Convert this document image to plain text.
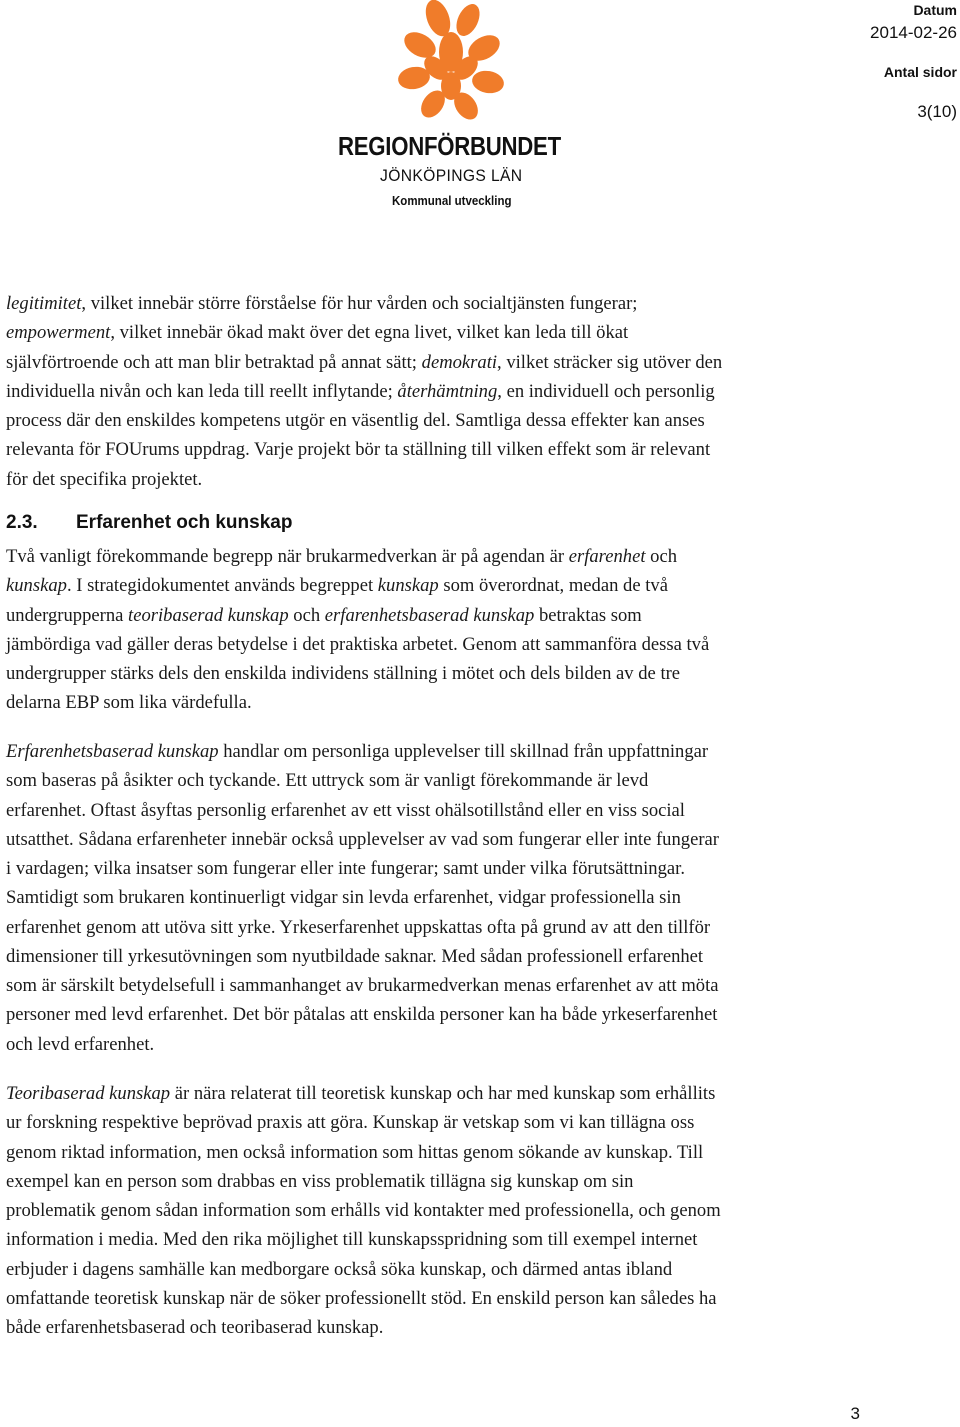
REGIONFÖRBUNDET
JÖNKÖPINGS LÄN
Kommunal utveckling
Datum
2014-02-26
Antal sidor
3(10)
legitimitet, vilket innebär större förståelse för hur vården och socialtjänsten fungerar;
empowerment, vilket innebär ökad makt över det egna livet, vilket kan leda till ökat
självförtroende och att man blir betraktad på annat sätt; demokrati, vilket sträcker sig utöver den
individuella nivån och kan leda till reellt inflytande; återhämtning, en individuell och personlig
process där den enskildes kompetens utgör en väsentlig del. Samtliga dessa effekter kan anses
relevanta för FOUrums uppdrag. Varje projekt bör ta ställning till vilken effekt som är relevant
för det specifika projektet.
2.3. Erfarenhet och kunskap
Två vanligt förekommande begrepp när brukarmedverkan är på agendan är erfarenhet och
kunskap. I strategidokumentet används begreppet kunskap som överordnat, medan de två
undergrupperna teoribaserad kunskap och erfarenhetsbaserad kunskap betraktas som
jämbördiga vad gäller deras betydelse i det praktiska arbetet. Genom att sammanföra dessa två
undergrupper stärks dels den enskilda individens ställning i mötet och dels bilden av de tre
delarna EBP som lika värdefulla.
Erfarenhetsbaserad kunskap handlar om personliga upplevelser till skillnad från uppfattningar
som baseras på åsikter och tyckande. Ett uttryck som är vanligt förekommande är levd
erfarenhet. Oftast åsyftas personlig erfarenhet av ett visst ohälsotillstånd eller en viss social
utsatthet. Sådana erfarenheter innebär också upplevelser av vad som fungerar eller inte fungerar
i vardagen; vilka insatser som fungerar eller inte fungerar; samt under vilka förutsättningar.
Samtidigt som brukaren kontinuerligt vidgar sin levda erfarenhet, vidgar professionella sin
erfarenhet genom att utöva sitt yrke. Yrkeserfarenhet uppskattas ofta på grund av att den tillför
dimensioner till yrkesutövningen som nyutbildade saknar. Med sådan professionell erfarenhet
som är särskilt betydelsefull i sammanhanget av brukarmedverkan menas erfarenhet av att möta
personer med levd erfarenhet. Det bör påtalas att enskilda personer kan ha både yrkeserfarenhet
och levd erfarenhet.
Teoribaserad kunskap är nära relaterat till teoretisk kunskap och har med kunskap som erhållits
ur forskning respektive beprövad praxis att göra. Kunskap är vetskap som vi kan tillägna oss
genom riktad information, men också information som hittas genom sökande av kunskap. Till
exempel kan en person som drabbas en viss problematik tillägna sig kunskap om sin
problematik genom sådan information som erhålls vid kontakter med professionella, och genom
information i media. Med den rika möjlighet till kunskapsspridning som till exempel internet
erbjuder i dagens samhälle kan medborgare också söka kunskap, och därmed antas ibland
omfattande teoretisk kunskap när de söker professionellt stöd. En enskild person kan således ha
både erfarenhetsbaserad och teoribaserad kunskap.
3
